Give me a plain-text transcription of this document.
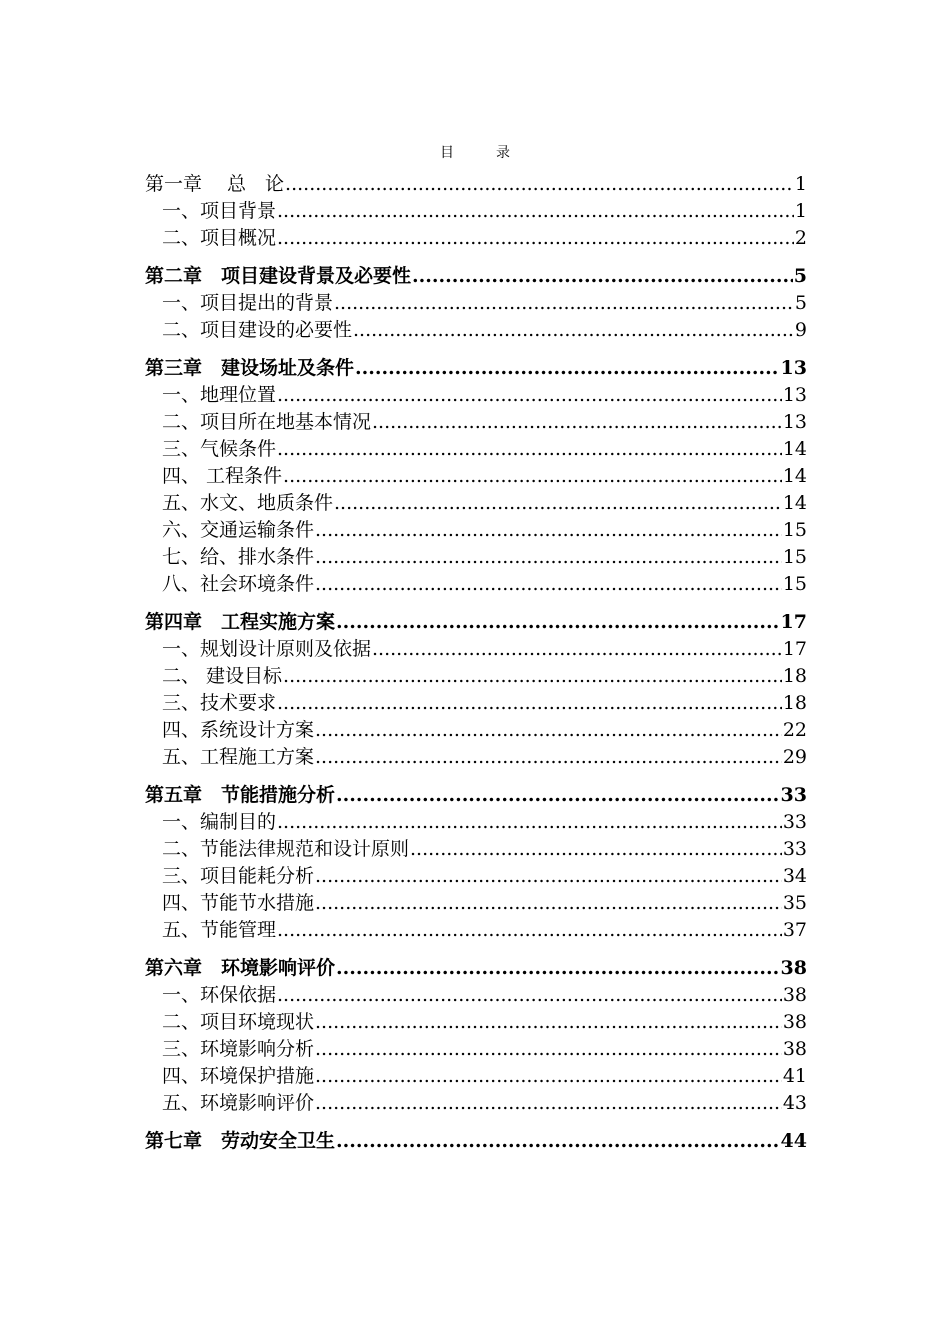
目　录
第一章　 总　论 .....	1
一、项目背景 .....	1
二、项目概况 .....	2
第二章　项目建设背景及必要性 .....	5
一、项目提出的背景 .....	5
二、项目建设的必要性 .....	9
第三章　建设场址及条件 .....	13
一、地理位置 .....	13
二、项目所在地基本情况 .....	13
三、气候条件 .....	14
四、 工程条件 .....	14
五、水文、地质条件 .....	14
六、交通运输条件 .....	15
七、给、排水条件 .....	15
八、社会环境条件 .....	15
第四章　工程实施方案 .....	17
一、规划设计原则及依据 .....	17
二、 建设目标 .....	18
三、技术要求 .....	18
四、系统设计方案 .....	22
五、工程施工方案 .....	29
第五章　节能措施分析 .....	33
一、编制目的 .....	33
二、节能法律规范和设计原则 .....	33
三、项目能耗分析 .....	34
四、节能节水措施 .....	35
五、节能管理 .....	37
第六章　环境影响评价 .....	38
一、环保依据 .....	38
二、项目环境现状 .....	38
三、环境影响分析 .....	38
四、环境保护措施 .....	41
五、环境影响评价 .....	43
第七章　劳动安全卫生 .....	44
